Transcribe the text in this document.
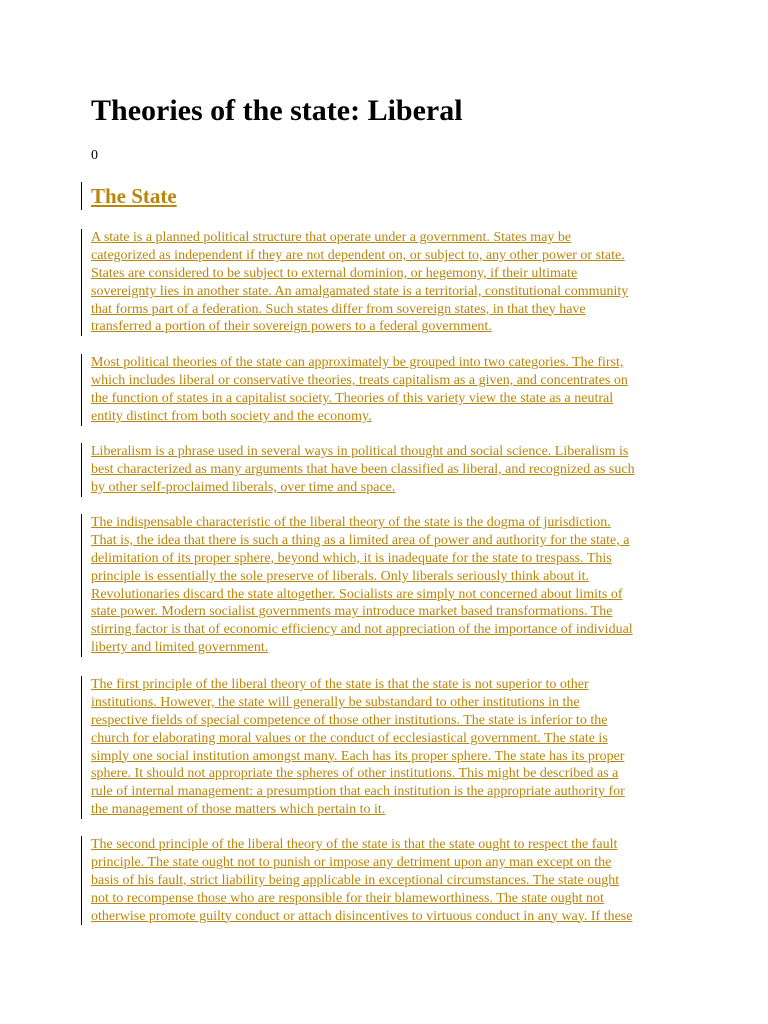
Theories of the state: Liberal
0
The State
A state is a planned political structure that operate under a government. States may be
categorized as independent if they are not dependent on, or subject to, any other power or state.
States are considered to be subject to external dominion, or hegemony, if their ultimate
sovereignty lies in another state. An amalgamated state is a territorial, constitutional community
that forms part of a federation. Such states differ from sovereign states, in that they have
transferred a portion of their sovereign powers to a federal government.
Most political theories of the state can approximately be grouped into two categories. The first,
which includes liberal or conservative theories, treats capitalism as a given, and concentrates on
the function of states in a capitalist society. Theories of this variety view the state as a neutral
entity distinct from both society and the economy.
Liberalism is a phrase used in several ways in political thought and social science. Liberalism is
best characterized as many arguments that have been classified as liberal, and recognized as such
by other self-proclaimed liberals, over time and space.
The indispensable characteristic of the liberal theory of the state is the dogma of jurisdiction.
That is, the idea that there is such a thing as a limited area of power and authority for the state, a
delimitation of its proper sphere, beyond which, it is inadequate for the state to trespass. This
principle is essentially the sole preserve of liberals. Only liberals seriously think about it.
Revolutionaries discard the state altogether. Socialists are simply not concerned about limits of
state power. Modern socialist governments may introduce market based transformations. The
stirring factor is that of economic efficiency and not appreciation of the importance of individual
liberty and limited government.
The first principle of the liberal theory of the state is that the state is not superior to other
institutions. However, the state will generally be substandard to other institutions in the
respective fields of special competence of those other institutions. The state is inferior to the
church for elaborating moral values or the conduct of ecclesiastical government. The state is
simply one social institution amongst many. Each has its proper sphere. The state has its proper
sphere. It should not appropriate the spheres of other institutions. This might be described as a
rule of internal management: a presumption that each institution is the appropriate authority for
the management of those matters which pertain to it.
The second principle of the liberal theory of the state is that the state ought to respect the fault
principle. The state ought not to punish or impose any detriment upon any man except on the
basis of his fault, strict liability being applicable in exceptional circumstances. The state ought
not to recompense those who are responsible for their blameworthiness. The state ought not
otherwise promote guilty conduct or attach disincentives to virtuous conduct in any way. If these
